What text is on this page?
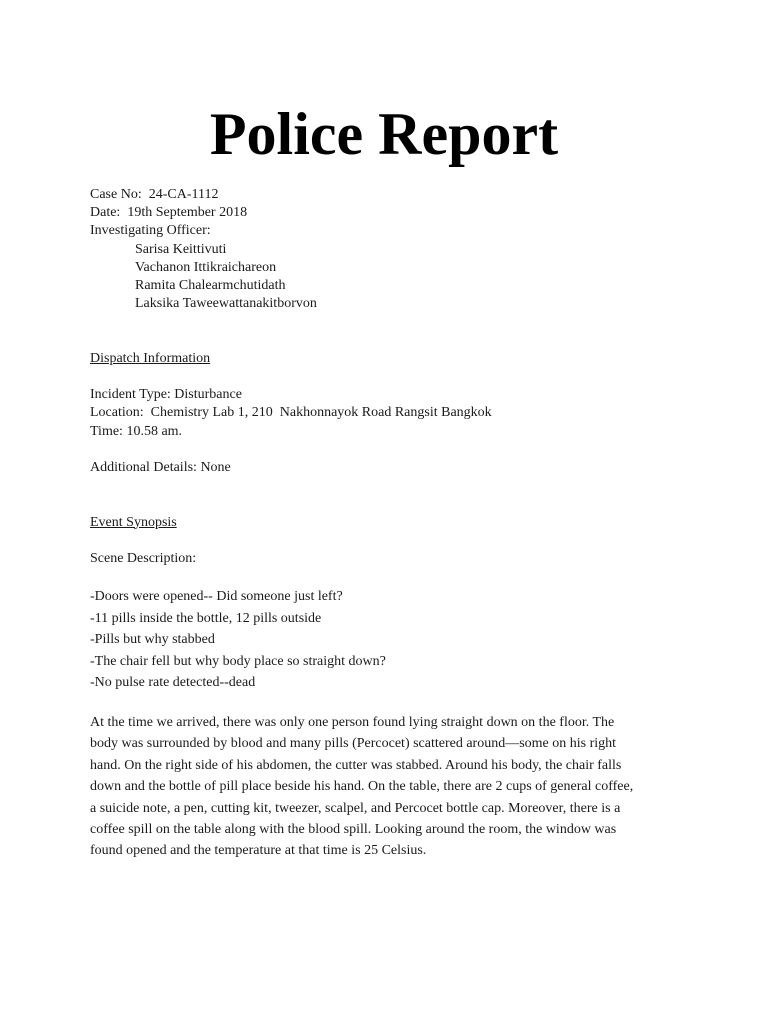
Police Report
Case No: 24-CA-1112
Date: 19th September 2018
Investigating Officer:
Sarisa Keittivuti
Vachanon Ittikraichareon
Ramita Chalearmchutidath
Laksika Taweewattanakitborvon
Dispatch Information
Incident Type: Disturbance
Location: Chemistry Lab 1, 210  Nakhonnayok Road Rangsit Bangkok
Time: 10.58 am.
Additional Details: None
Event Synopsis
Scene Description:
-Doors were opened-- Did someone just left?
-11 pills inside the bottle, 12 pills outside
-Pills but why stabbed
-The chair fell but why body place so straight down?
-No pulse rate detected--dead
At the time we arrived, there was only one person found lying straight down on the floor. The
body was surrounded by blood and many pills (Percocet) scattered around—some on his right
hand. On the right side of his abdomen, the cutter was stabbed. Around his body, the chair falls
down and the bottle of pill place beside his hand. On the table, there are 2 cups of general coffee,
a suicide note, a pen, cutting kit, tweezer, scalpel, and Percocet bottle cap. Moreover, there is a
coffee spill on the table along with the blood spill. Looking around the room, the window was
found opened and the temperature at that time is 25 Celsius.
